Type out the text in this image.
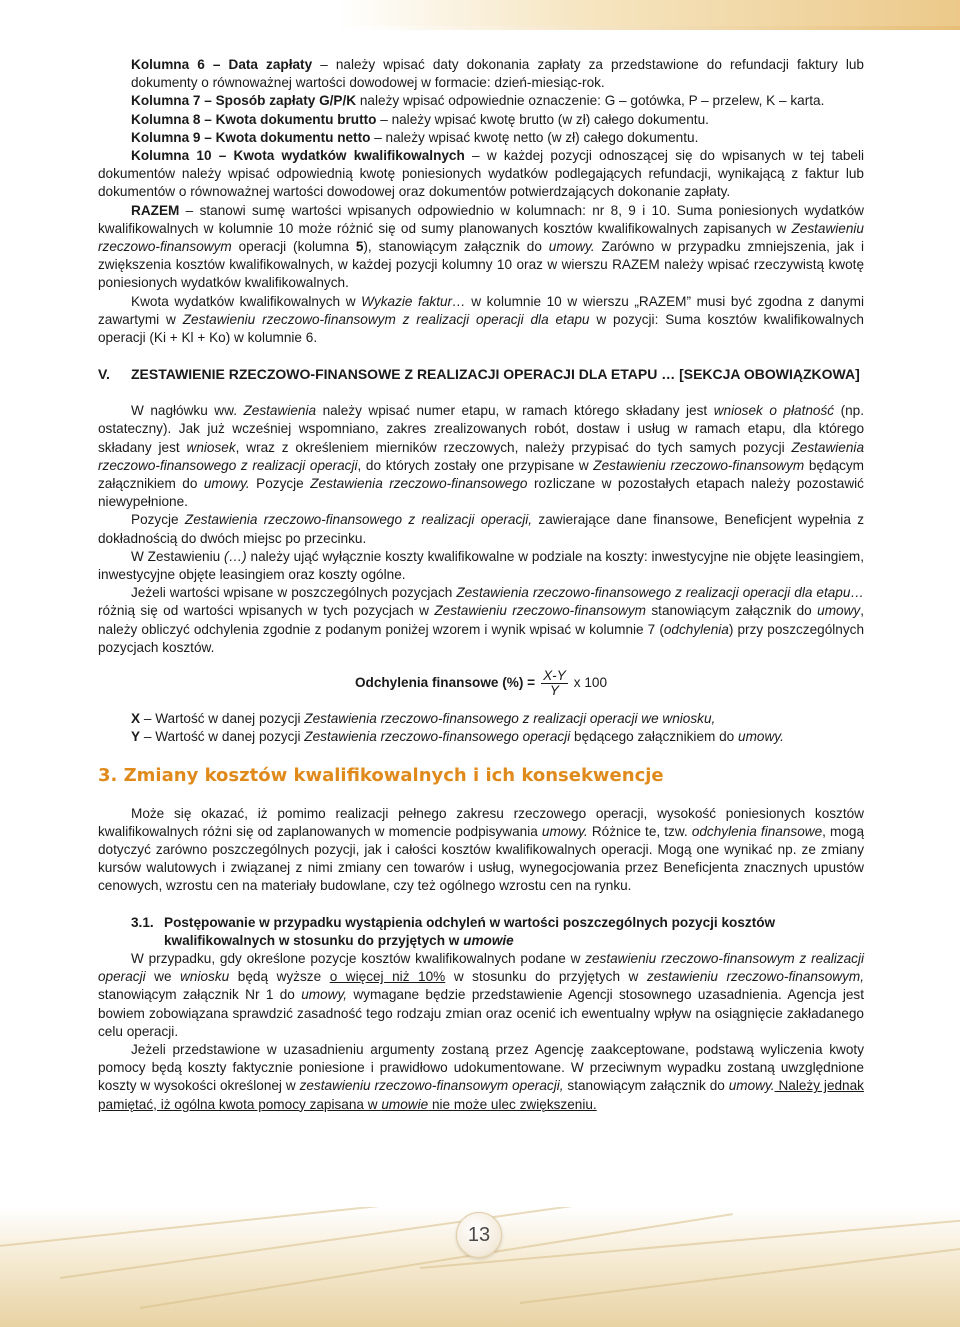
Kolumna 6 – Data zapłaty – należy wpisać daty dokonania zapłaty za przedstawione do refundacji faktury lub dokumenty o równoważnej wartości dowodowej w formacie: dzień-miesiąc-rok.

Kolumna 7 – Sposób zapłaty G/P/K należy wpisać odpowiednie oznaczenie: G – gotówka, P – przelew, K – karta.

Kolumna 8 – Kwota dokumentu brutto – należy wpisać kwotę brutto (w zł) całego dokumentu.

Kolumna 9 – Kwota dokumentu netto – należy wpisać kwotę netto (w zł) całego dokumentu.

Kolumna 10 – Kwota wydatków kwalifikowalnych – w każdej pozycji odnoszącej się do wpisanych w tej tabeli dokumentów należy wpisać odpowiednią kwotę poniesionych wydatków podlegających refundacji, wynikającą z faktur lub dokumentów o równoważnej wartości dowodowej oraz dokumentów potwierdzających dokonanie zapłaty.

RAZEM – stanowi sumę wartości wpisanych odpowiednio w kolumnach: nr 8, 9 i 10. Suma poniesionych wydatków kwalifikowalnych w kolumnie 10 może różnić się od sumy planowanych kosztów kwalifikowalnych zapisanych w Zestawieniu rzeczowo-finansowym operacji (kolumna 5), stanowiącym załącznik do umowy. Zarówno w przypadku zmniejszenia, jak i zwiększenia kosztów kwalifikowalnych, w każdej pozycji kolumny 10 oraz w wierszu RAZEM należy wpisać rzeczywistą kwotę poniesionych wydatków kwalifikowalnych.

Kwota wydatków kwalifikowalnych w Wykazie faktur… w kolumnie 10 w wierszu „RAZEM” musi być zgodna z danymi zawartymi w Zestawieniu rzeczowo-finansowym z realizacji operacji dla etapu w pozycji: Suma kosztów kwalifikowalnych operacji (Ki + Kl + Ko) w kolumnie 6.

V.	ZESTAWIENIE RZECZOWO-FINANSOWE Z REALIZACJI OPERACJI DLA ETAPU … [SEKCJA OBOWIĄZKOWA]

W nagłówku ww. Zestawienia należy wpisać numer etapu, w ramach którego składany jest wniosek o płatność (np. ostateczny). Jak już wcześniej wspomniano, zakres zrealizowanych robót, dostaw i usług w ramach etapu, dla którego składany jest wniosek, wraz z określeniem mierników rzeczowych, należy przypisać do tych samych pozycji Zestawienia rzeczowo-finansowego z realizacji operacji, do których zostały one przypisane w Zestawieniu rzeczowo-finansowym będącym załącznikiem do umowy. Pozycje Zestawienia rzeczowo-finansowego rozliczane w pozostałych etapach należy pozostawić niewypełnione.

Pozycje Zestawienia rzeczowo-finansowego z realizacji operacji, zawierające dane finansowe, Beneficjent wypełnia z dokładnością do dwóch miejsc po przecinku.

W Zestawieniu (…) należy ująć wyłącznie koszty kwalifikowalne w podziale na koszty: inwestycyjne nie objęte leasingiem, inwestycyjne objęte leasingiem oraz koszty ogólne.

Jeżeli wartości wpisane w poszczególnych pozycjach Zestawienia rzeczowo-finansowego z realizacji operacji dla etapu… różnią się od wartości wpisanych w tych pozycjach w Zestawieniu rzeczowo-finansowym stanowiącym załącznik do umowy, należy obliczyć odchylenia zgodnie z podanym poniżej wzorem i wynik wpisać w kolumnie 7 (odchylenia) przy poszczególnych pozycjach kosztów.

Odchylenia finansowe (%) = $\frac{X-Y}{Y}$ x 100

X – Wartość w danej pozycji Zestawienia rzeczowo-finansowego z realizacji operacji we wniosku,

Y – Wartość w danej pozycji Zestawienia rzeczowo-finansowego operacji będącego załącznikiem do umowy.

3. Zmiany kosztów kwalifikowalnych i ich konsekwencje

Może się okazać, iż pomimo realizacji pełnego zakresu rzeczowego operacji, wysokość poniesionych kosztów kwalifikowalnych różni się od zaplanowanych w momencie podpisywania umowy. Różnice te, tzw. odchylenia finansowe, mogą dotyczyć zarówno poszczególnych pozycji, jak i całości kosztów kwalifikowalnych operacji. Mogą one wynikać np. ze zmiany kursów walutowych i związanej z nimi zmiany cen towarów i usług, wynegocjowania przez Beneficjenta znacznych upustów cenowych, wzrostu cen na materiały budowlane, czy też ogólnego wzrostu cen na rynku.

3.1. Postępowanie w przypadku wystąpienia odchyleń w wartości poszczególnych pozycji kosztów kwalifikowalnych w stosunku do przyjętych w umowie

W przypadku, gdy określone pozycje kosztów kwalifikowalnych podane w zestawieniu rzeczowo-finansowym z realizacji operacji we wniosku będą wyższe o więcej niż 10% w stosunku do przyjętych w zestawieniu rzeczowo-finansowym, stanowiącym załącznik Nr 1 do umowy, wymagane będzie przedstawienie Agencji stosownego uzasadnienia. Agencja jest bowiem zobowiązana sprawdzić zasadność tego rodzaju zmian oraz ocenić ich ewentualny wpływ na osiągnięcie zakładanego celu operacji.

Jeżeli przedstawione w uzasadnieniu argumenty zostaną przez Agencję zaakceptowane, podstawą wyliczenia kwoty pomocy będą koszty faktycznie poniesione i prawidłowo udokumentowane. W przeciwnym wypadku zostaną uwzględnione koszty w wysokości określonej w zestawieniu rzeczowo-finansowym operacji, stanowiącym załącznik do umowy. Należy jednak pamiętać, iż ogólna kwota pomocy zapisana w umowie nie może ulec zwiększeniu.

13
